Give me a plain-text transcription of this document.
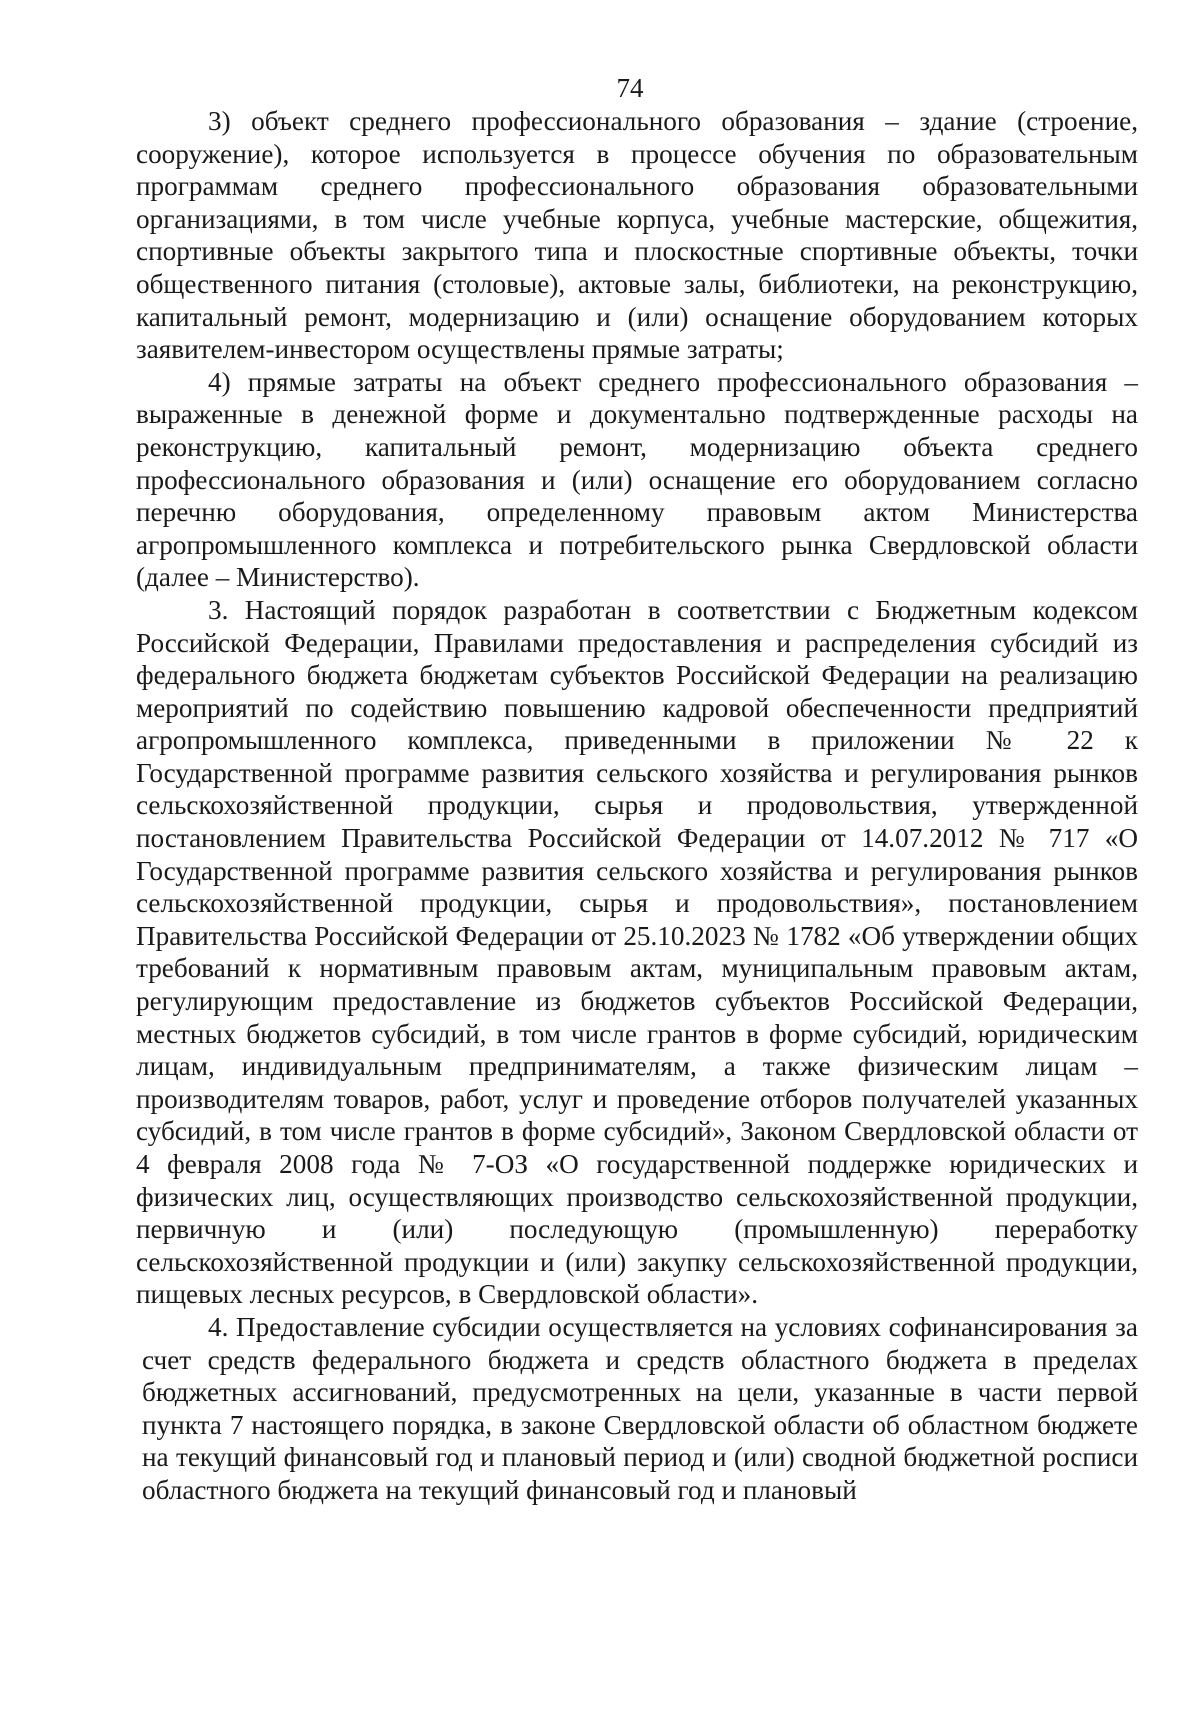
74

3) объект среднего профессионального образования – здание (строение, сооружение), которое используется в процессе обучения по образовательным программам среднего профессионального образования образовательными организациями, в том числе учебные корпуса, учебные мастерские, общежития, спортивные объекты закрытого типа и плоскостные спортивные объекты, точки общественного питания (столовые), актовые залы, библиотеки, на реконструкцию, капитальный ремонт, модернизацию и (или) оснащение оборудованием которых заявителем-инвестором осуществлены прямые затраты;

4) прямые затраты на объект среднего профессионального образования – выраженные в денежной форме и документально подтвержденные расходы на реконструкцию, капитальный ремонт, модернизацию объекта среднего профессионального образования и (или) оснащение его оборудованием согласно перечню оборудования, определенному правовым актом Министерства агропромышленного комплекса и потребительского рынка Свердловской области (далее – Министерство).

3. Настоящий порядок разработан в соответствии с Бюджетным кодексом Российской Федерации, Правилами предоставления и распределения субсидий из федерального бюджета бюджетам субъектов Российской Федерации на реализацию мероприятий по содействию повышению кадровой обеспеченности предприятий агропромышленного комплекса, приведенными в приложении № 22 к Государственной программе развития сельского хозяйства и регулирования рынков сельскохозяйственной продукции, сырья и продовольствия, утвержденной постановлением Правительства Российской Федерации от 14.07.2012 № 717 «О Государственной программе развития сельского хозяйства и регулирования рынков сельскохозяйственной продукции, сырья и продовольствия», постановлением Правительства Российской Федерации от 25.10.2023 № 1782 «Об утверждении общих требований к нормативным правовым актам, муниципальным правовым актам, регулирующим предоставление из бюджетов субъектов Российской Федерации, местных бюджетов субсидий, в том числе грантов в форме субсидий, юридическим лицам, индивидуальным предпринимателям, а также физическим лицам – производителям товаров, работ, услуг и проведение отборов получателей указанных субсидий, в том числе грантов в форме субсидий», Законом Свердловской области от 4 февраля 2008 года № 7-ОЗ «О государственной поддержке юридических и физических лиц, осуществляющих производство сельскохозяйственной продукции, первичную и (или) последующую (промышленную) переработку сельскохозяйственной продукции и (или) закупку сельскохозяйственной продукции, пищевых лесных ресурсов, в Свердловской области».

4. Предоставление субсидии осуществляется на условиях софинансирования за счет средств федерального бюджета и средств областного бюджета в пределах бюджетных ассигнований, предусмотренных на цели, указанные в части первой пункта 7 настоящего порядка, в законе Свердловской области об областном бюджете на текущий финансовый год и плановый период и (или) сводной бюджетной росписи областного бюджета на текущий финансовый год и плановый
